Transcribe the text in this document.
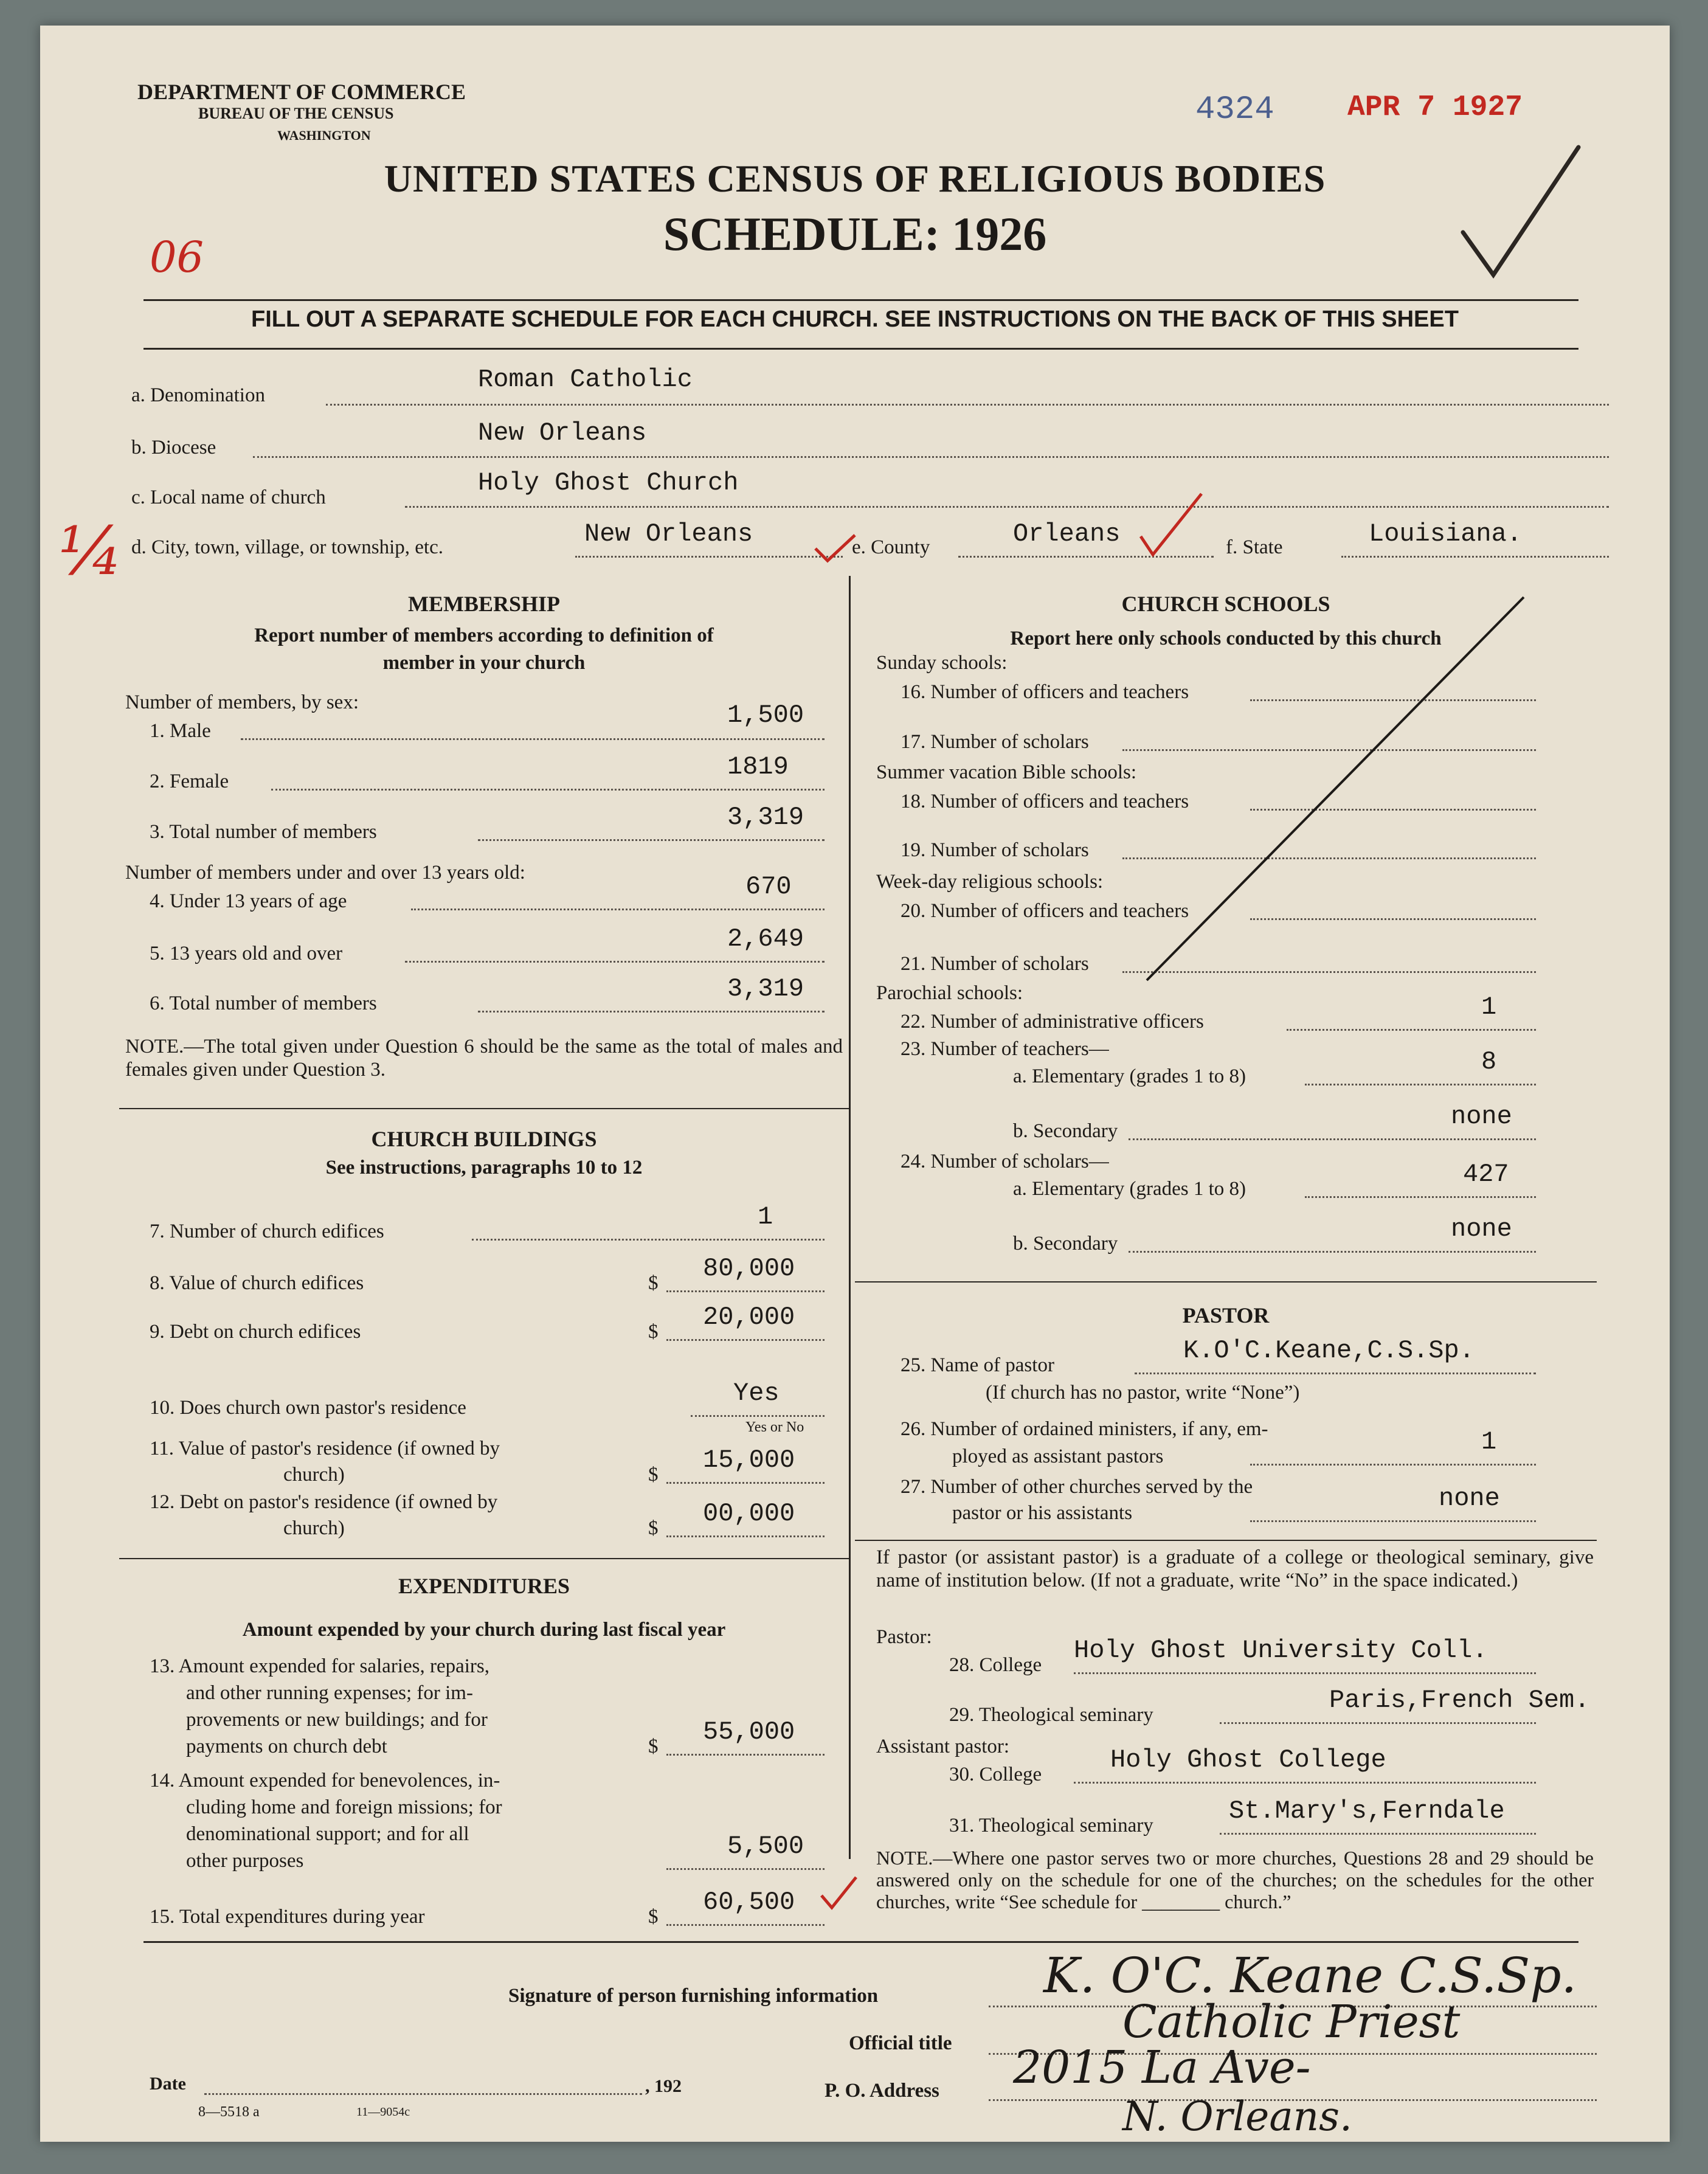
DEPARTMENT OF COMMERCE
BUREAU OF THE CENSUS
WASHINGTON
4324	APR 7 1927
UNITED STATES CENSUS OF RELIGIOUS BODIES
SCHEDULE: 1926
06
FILL OUT A SEPARATE SCHEDULE FOR EACH CHURCH. SEE INSTRUCTIONS ON THE BACK OF THIS SHEET
a. Denomination
Roman Catholic
b. Diocese	New Orleans
c. Local name of church	Holy Ghost Church
¼ d. City, town, village, or township, etc.	New Orleans	e. County	Orleans	f. State	Louisiana.
MEMBERSHIP
Report number of members according to definition of
member in your church
Number of members, by sex:
1. Male
1,500
2. Female	1819
3. Total number of members	3,319
Number of members under and over 13 years old:
4. Under 13 years of age	670
5. 13 years old and over	2,649
6. Total number of members	3,319
NOTE.—The total given under Question 6 should be the same as the total of males and females given under Question 3.
CHURCH BUILDINGS
See instructions, paragraphs 10 to 12
7. Number of church edifices	1
8. Value of church edifices	$ 80,000
9. Debt on church edifices	$ 20,000
10. Does church own pastor's residence	Yes
Yes or No
11. Value of pastor's residence (if owned by
church)	$ 15,000
12. Debt on pastor's residence (if owned by
church)	$ 00,000
EXPENDITURES
Amount expended by your church during last fiscal year
13. Amount expended for salaries, repairs,
and other running expenses; for im-
provements or new buildings; and for
payments on church debt	$ 55,000
14. Amount expended for benevolences, in-
cluding home and foreign missions; for
denominational support; and for all
other purposes	5,500
15. Total expenditures during year	$ 60,500
CHURCH SCHOOLS
Report here only schools conducted by this church
Sunday schools:
16. Number of officers and teachers
17. Number of scholars
Summer vacation Bible schools:
18. Number of officers and teachers
19. Number of scholars
Week-day religious schools:
20. Number of officers and teachers
21. Number of scholars
Parochial schools:
22. Number of administrative officers	1
23. Number of teachers—
a. Elementary (grades 1 to 8)	8
b. Secondary	none
24. Number of scholars—
a. Elementary (grades 1 to 8)	427
b. Secondary	none
PASTOR
25. Name of pastor	K.O'C.Keane,C.S.Sp.
(If church has no pastor, write “None”)
26. Number of ordained ministers, if any, em-
ployed as assistant pastors	1
27. Number of other churches served by the
pastor or his assistants	none
If pastor (or assistant pastor) is a graduate of a college or theological seminary, give name of institution below. (If not a graduate, write “No” in the space indicated.)
Pastor:
28. College Holy Ghost University Coll.
29. Theological seminary	Paris,French Sem.
Assistant pastor:
30. College	Holy Ghost College
31. Theological seminary	St.Mary's,Ferndale
NOTE.—Where one pastor serves two or more churches, Questions 28 and 29 should be answered only on the schedule for one of the churches; on the schedules for the other churches, write “See schedule for ________ church.”
Signature of person furnishing information	K. O'C. Keane C.S.Sp.
Official title	Catholic Priest
Date	, 192
8—5518 a	11—9054c
P. O. Address 2015 La Ave-
N. Orleans.
